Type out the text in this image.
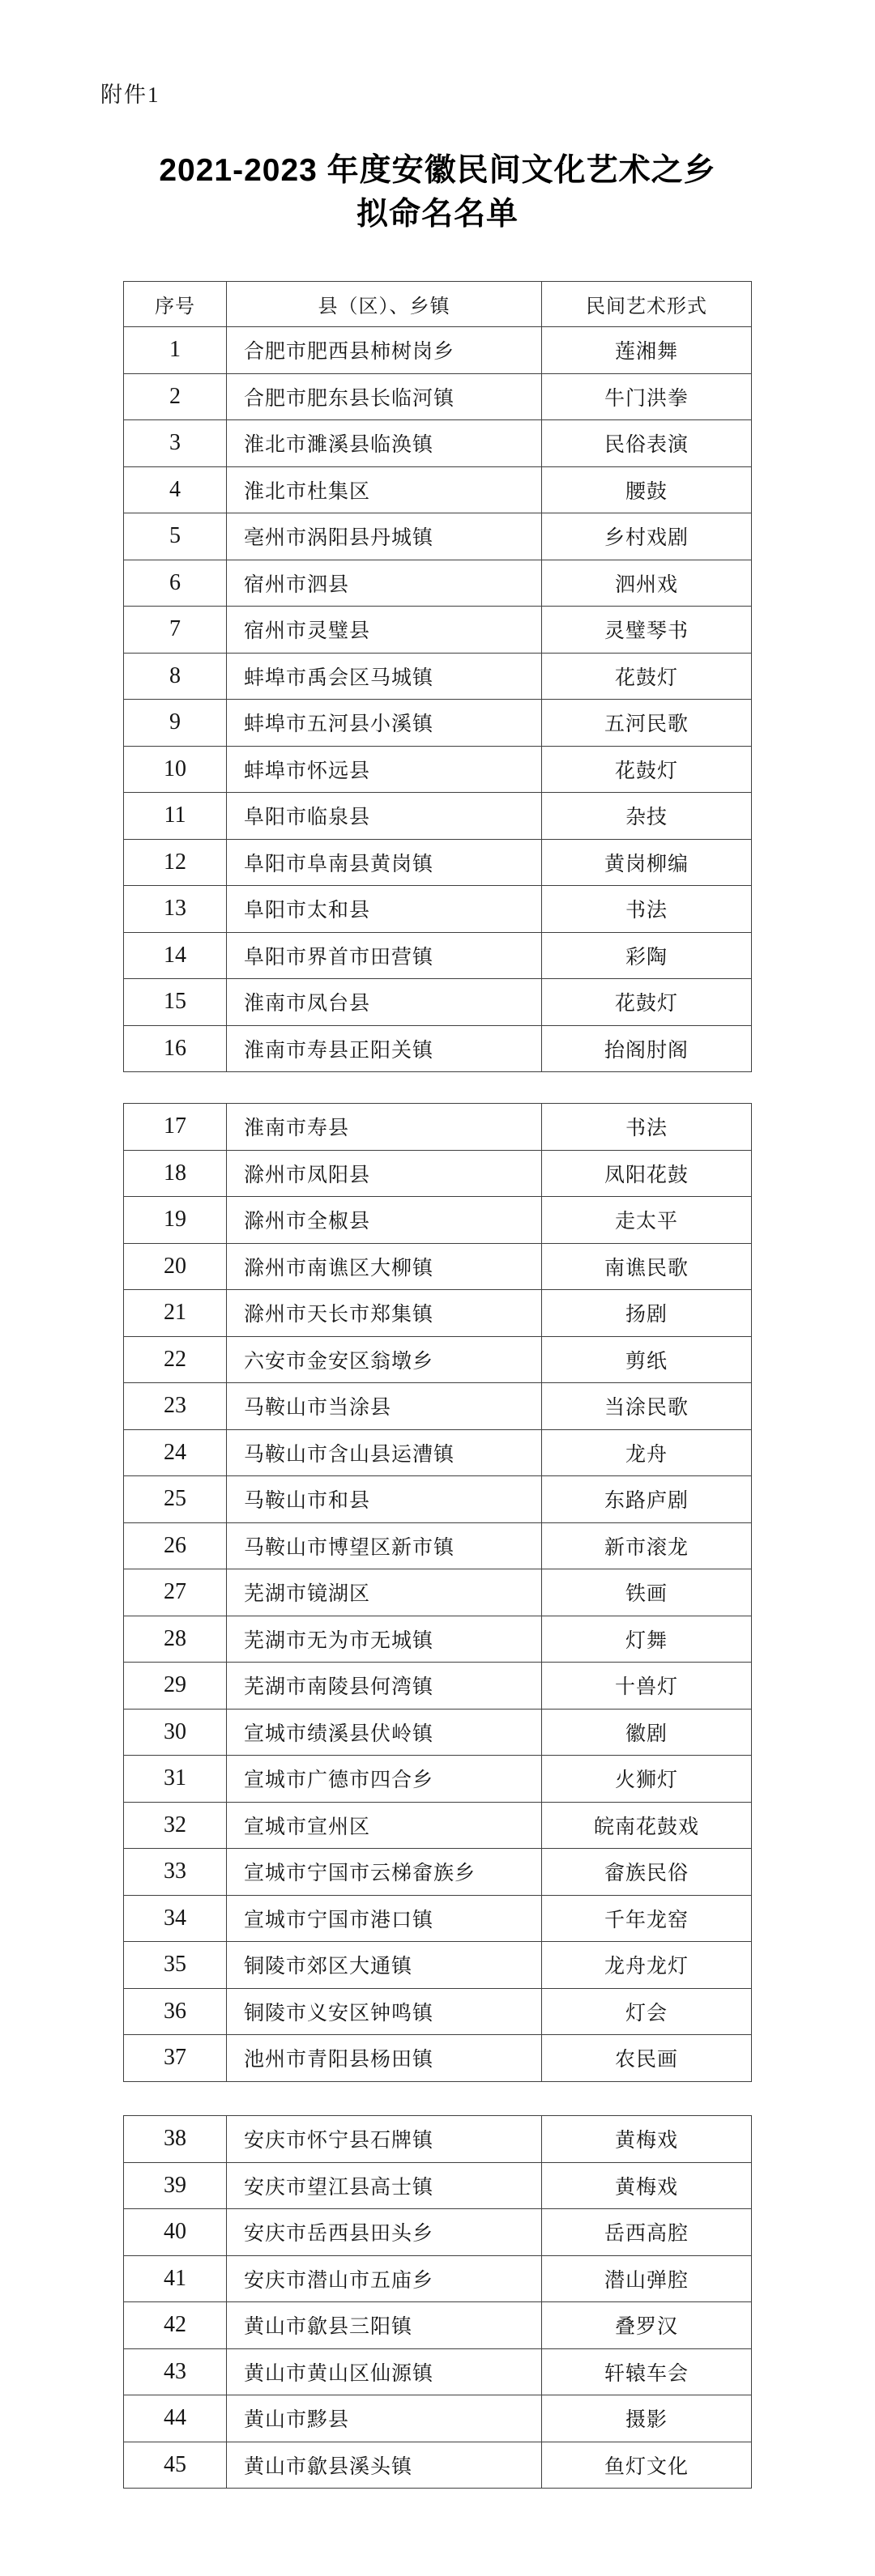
附件1
2021-2023 年度安徽民间文化艺术之乡
拟命名名单
序号	县（区）、乡镇	民间艺术形式
1	合肥市肥西县柿树岗乡	莲湘舞
2	合肥市肥东县长临河镇	牛门洪拳
3	淮北市濉溪县临涣镇	民俗表演
4	淮北市杜集区	腰鼓
5	亳州市涡阳县丹城镇	乡村戏剧
6	宿州市泗县	泗州戏
7	宿州市灵璧县	灵璧琴书
8	蚌埠市禹会区马城镇	花鼓灯
9	蚌埠市五河县小溪镇	五河民歌
10	蚌埠市怀远县	花鼓灯
11	阜阳市临泉县	杂技
12	阜阳市阜南县黄岗镇	黄岗柳编
13	阜阳市太和县	书法
14	阜阳市界首市田营镇	彩陶
15	淮南市凤台县	花鼓灯
16	淮南市寿县正阳关镇	抬阁肘阁
17	淮南市寿县	书法
18	滁州市凤阳县	凤阳花鼓
19	滁州市全椒县	走太平
20	滁州市南谯区大柳镇	南谯民歌
21	滁州市天长市郑集镇	扬剧
22	六安市金安区翁墩乡	剪纸
23	马鞍山市当涂县	当涂民歌
24	马鞍山市含山县运漕镇	龙舟
25	马鞍山市和县	东路庐剧
26	马鞍山市博望区新市镇	新市滚龙
27	芜湖市镜湖区	铁画
28	芜湖市无为市无城镇	灯舞
29	芜湖市南陵县何湾镇	十兽灯
30	宣城市绩溪县伏岭镇	徽剧
31	宣城市广德市四合乡	火狮灯
32	宣城市宣州区	皖南花鼓戏
33	宣城市宁国市云梯畲族乡	畲族民俗
34	宣城市宁国市港口镇	千年龙窑
35	铜陵市郊区大通镇	龙舟龙灯
36	铜陵市义安区钟鸣镇	灯会
37	池州市青阳县杨田镇	农民画
38	安庆市怀宁县石牌镇	黄梅戏
39	安庆市望江县高士镇	黄梅戏
40	安庆市岳西县田头乡	岳西高腔
41	安庆市潜山市五庙乡	潜山弹腔
42	黄山市歙县三阳镇	叠罗汉
43	黄山市黄山区仙源镇	轩辕车会
44	黄山市黟县	摄影
45	黄山市歙县溪头镇	鱼灯文化
